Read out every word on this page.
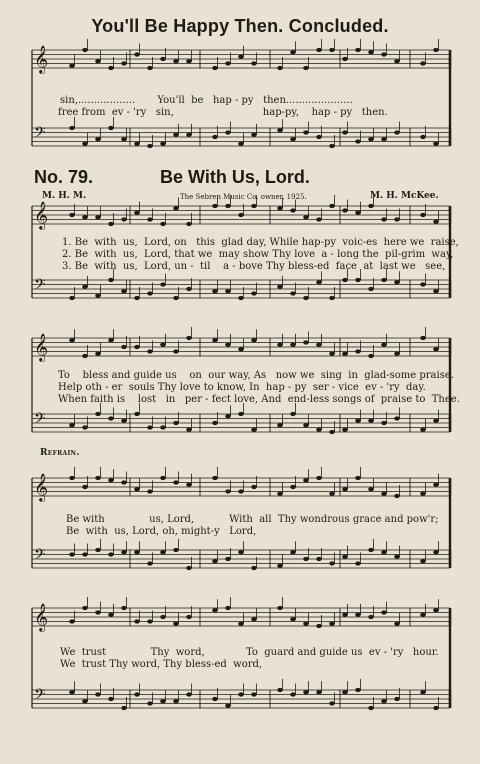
You'll Be Happy Then. Concluded.
sin,..................       You'll  be   hap - py   then.....................
free from  ev - 'ry   sin,                            hap-py,    hap - py   then.
No. 79.	Be With Us, Lord.
M. H. M.	The Sebren Music Co. owner, 1925.	M. H. McKee.
1. Be  with  us,  Lord, on   this  glad day, While hap-py  voic-es  here we  raise,
2. Be  with  us,  Lord, that we  may show Thy love  a - long the  pil-grim  way,
3. Be  with  us,  Lord, un -  til    a - bove Thy bless-ed  face  at  last we   see,
To    bless and guide us    on  our way, As   now we  sing  in  glad-some praise.
Help oth - er  souls Thy love to know, In  hap - py  ser - vice  ev - 'ry  day.
When faith is    lost   in   per - fect love, And  end-less songs of  praise to  Thee.
Refrain.
Be with              us, Lord,           With  all  Thy wondrous grace and pow'r;
Be  with  us, Lord, oh, might-y   Lord,
We  trust              Thy  word,             To  guard and guide us  ev - 'ry   hour.
We  trust Thy word, Thy bless-ed  word,
𝄞
𝄢
𝄞
𝄢
𝄞
𝄢
𝄞
𝄢
𝄞
𝄢
